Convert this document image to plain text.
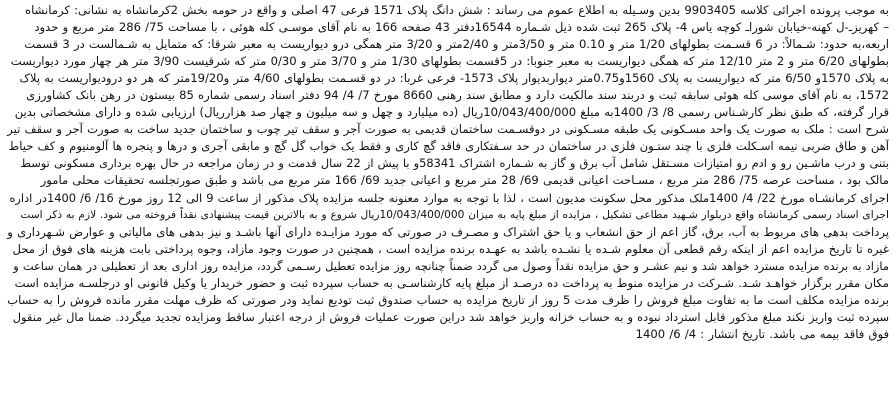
به موجب پرونده اجرائی کلاسه 9903405 بدین وسـیله به اطلاع عموم می رساند : شش دانگ پلاک 1571 فرعی 47 اصلی و واقع در حومه بخش 2کرمانشاه به نشانی: کرمانشاه
– کهریزـ-ل کهنه-خیابان شوراـ کوچه یاس 4- پلاک 265 ثبت شده ذیل شـماره 16544دفتر 43 صفحه 166 به نام آقای موسـی کله هوئی ، با مساحت 75/ 286 متر مربع و حدود
اربعه،به حدود: شـمالاً: در 6 قسـمت بطولهای 1/20 متر و 0.10 متر و 3/50متر و 2/40متر و 3/20 متر همگی درو دیواریست به معبر شرقا: که متمایل به شـمالست در 3 قسمت
بطولهای 6/20 متر و 2 متر 12/10 متر که همگی دیواریست به معبر جنوبا: در 5قسمت بطولهای 1/30 متر و 3/70 متر و 0/30 متر که شرقیست 3/90 متر هر چهار مورد دیواریست
به پلاک 1570و 6/50 متر که دیواریست به پلاک 1560و0.75متر دیواربدیوار پلاک 1573- فرعی غربا: در دو قسـمت بطولهای 4/60 متر و19/20متر که هر دو درودیواریست به پلاک
1572، به نام آقای موسی کله هوئی سابقه ثبت و دربند سند مالکیت دارد و مطابق سند رهنی 8660 مورخ 7/ 4/ 94 دفتر اسناد رسمی شماره 85 بیستون در رهن بانک کشاورزی
قرار گرفته، که طبق نظر کارشـناس رسمی 8/ 3/ 1400به مبلغ 10/043/400/000ریال (ده میلیارد و چهل و سه میلیون و چهار صد هزارریال) ارزیابی شده و دارای مشخصاتی بدین
شرح است : ملک به صورت یک واحد مسـکونی یک طبقه مسـکونی در دوقسـمت ساختمان قدیمی به صورت آجر و سقف تیر چوب و ساختمان جدید ساخت به صورت آجر و سقف تیر
آهن و طاق ضربی نیمه اسـکلت فلزی با چند ستـون فلزی در ساختمان در حد سـفتکاری فاقد گچ کاری و فقط یک خواب گل گچ و مابقی آجری و درها و پنجره ها آلومنیوم و کف حیاط
بتنی و درب ماشـین رو و ادم رو امتیازات مسـتقل شامل آب برق و گاز به شـماره اشتراک 58341و با پیش از 22 سال قدمت و در زمان مراجعه در حال بهره برداری مسکونی توسط
مالک بود ، مساحت عرصه 75/ 286 متر مربع ، مسـاحت اعیانی قدیمی 69/ 28 متر مربع و اعیانی جدید 69/ 166 متر مربع می باشد و طبق صورتجلسه تحقیقات محلی مامور
اجرای کرمانشـاه مورخ 22/ 4/ 1400ملک مذکور محل سکونت مدیون است ، لذا با توجه به موارد معنونه جلسه مزایده پلاک مذکور از ساعت 9 الی 12 روز مورخ 16/ 6/ 1400در اداره
اجرای اسناد رسمی کرمانشاه واقع دربلوار شـهید مطاعی تشکیل ، مزایده از مبلغ پایه به میزان 10/043/400/000ریال شروع و به بالاترین قیمت پیشنهادی نقداً فروخته می شود. لازم به ذکر است
پرداخت بدهی های مربوط به آب، برق، گاز اعم از حق انشعاب و یا حق اشتراک و مصـرف در صورتی که مورد مزایـده دارای آنها باشـد و نیز بدهی های مالیاتی و عوارض شـهرداری و
غیره تا تاریخ مزایده اعم از اینکه رقم قطعی آن معلوم شـده یا نشـده باشد به عهـده برنده مزایده است ، همچنین در صورت وجود مازاد، وجوه پرداختی بابت هزینه های فوق از محل
مازاد به برنده مزایده مسترد خواهد شد و نیم عشـر و حق مزایده نقداً وصول می گردد ضمناً چنانچه روز مزایده تعطیل رسـمی گردد، مزایده روز اداری بعد از تعطیلی در همان ساعت و
مکان مقرر برگزار خواهـد شـد. شـرکت در مزایده منوط به پرداخت ده درصـد از مبلغ پایه کارشناسـی به حساب سپرده ثبت و حضور خریدار یا وکیل قانونی او درجلسـه مزایده است
برنده مزایده مکلف است ما به تفاوت مبلغ فروش را ظرف مدت 5 روز از تاریخ مزایده به حساب صندوق ثبت تودیع نماید ودر صورتی که ظرف مهلت مقرر مانده فروش را به حساب
سپرده ثبت واریز نکند مبلغ مذکور قابل استرداد نبوده و به حساب خزانه واریز خواهد شد دراین صورت عملیات فروش از درجه اعتبار ساقط ومزایده تجدید میگردد. ضمنا مال غیر منقول
فوق فاقد بیمه می باشد. تاریخ انتشار : 4/ 6/ 1400
